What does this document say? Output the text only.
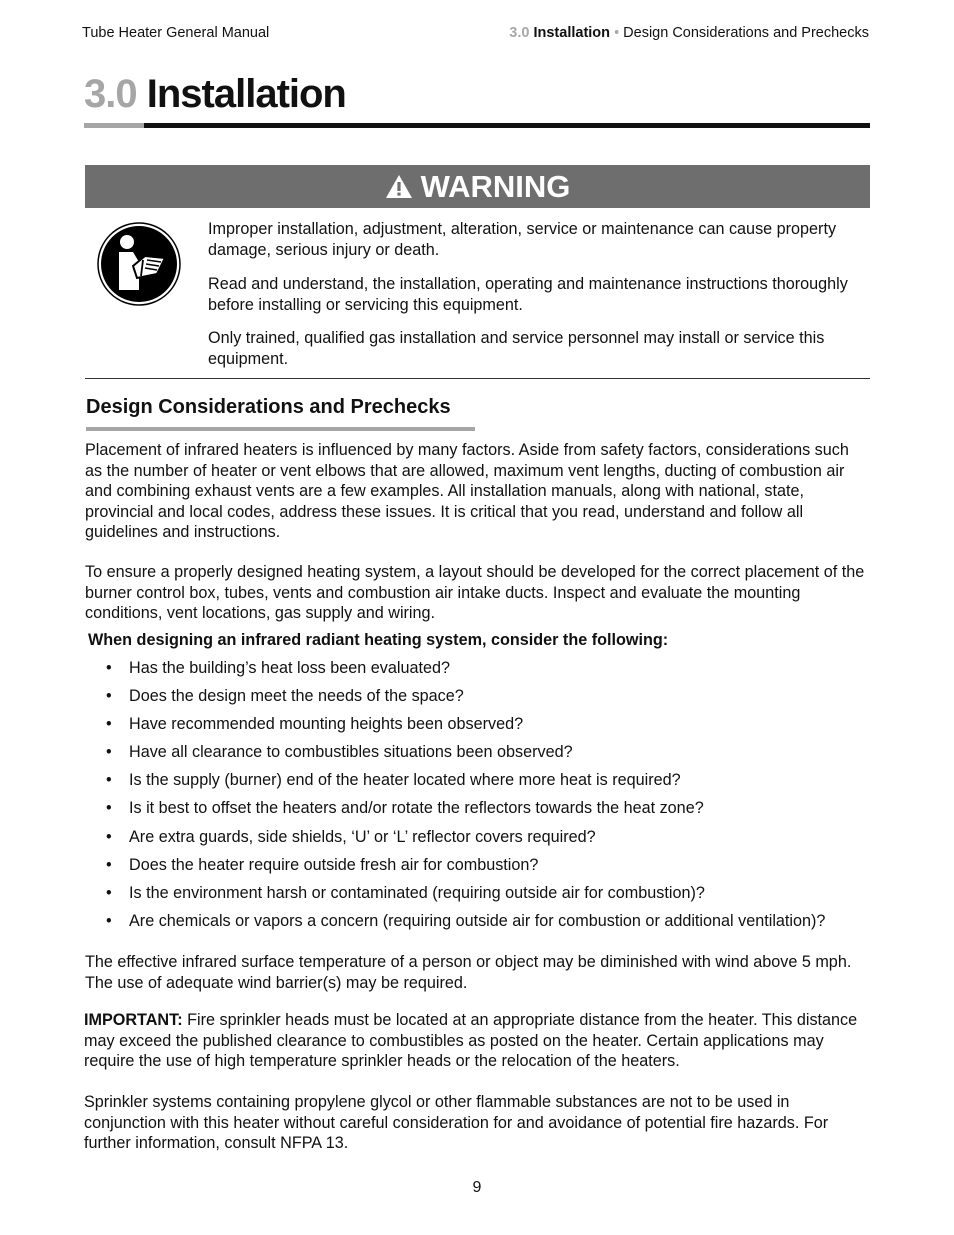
Tube Heater General Manual	3.0 Installation • Design Considerations and Prechecks
3.0 Installation
WARNING

Improper installation, adjustment, alteration, service or maintenance can cause property damage, serious injury or death.

Read and understand, the installation, operating and maintenance instructions thoroughly before installing or servicing this equipment.

Only trained, qualified gas installation and service personnel may install or service this equipment.

Design Considerations and Prechecks

Placement of infrared heaters is influenced by many factors. Aside from safety factors, considerations such as the number of heater or vent elbows that are allowed, maximum vent lengths, ducting of combustion air and combining exhaust vents are a few examples. All installation manuals, along with national, state, provincial and local codes, address these issues. It is critical that you read, understand and follow all guidelines and instructions.

To ensure a properly designed heating system, a layout should be developed for the correct placement of the burner control box, tubes, vents and combustion air intake ducts. Inspect and evaluate the mounting conditions, vent locations, gas supply and wiring.

When designing an infrared radiant heating system, consider the following:
• Has the building’s heat loss been evaluated?
• Does the design meet the needs of the space?
• Have recommended mounting heights been observed?
• Have all clearance to combustibles situations been observed?
• Is the supply (burner) end of the heater located where more heat is required?
• Is it best to offset the heaters and/or rotate the reflectors towards the heat zone?
• Are extra guards, side shields, ‘U’ or ‘L’ reflector covers required?
• Does the heater require outside fresh air for combustion?
• Is the environment harsh or contaminated (requiring outside air for combustion)?
• Are chemicals or vapors a concern (requiring outside air for combustion or additional ventilation)?

The effective infrared surface temperature of a person or object may be diminished with wind above 5 mph. The use of adequate wind barrier(s) may be required.

IMPORTANT: Fire sprinkler heads must be located at an appropriate distance from the heater. This distance may exceed the published clearance to combustibles as posted on the heater. Certain applications may require the use of high temperature sprinkler heads or the relocation of the heaters.

Sprinkler systems containing propylene glycol or other flammable substances are not to be used in conjunction with this heater without careful consideration for and avoidance of potential fire hazards. For further information, consult NFPA 13.

9
